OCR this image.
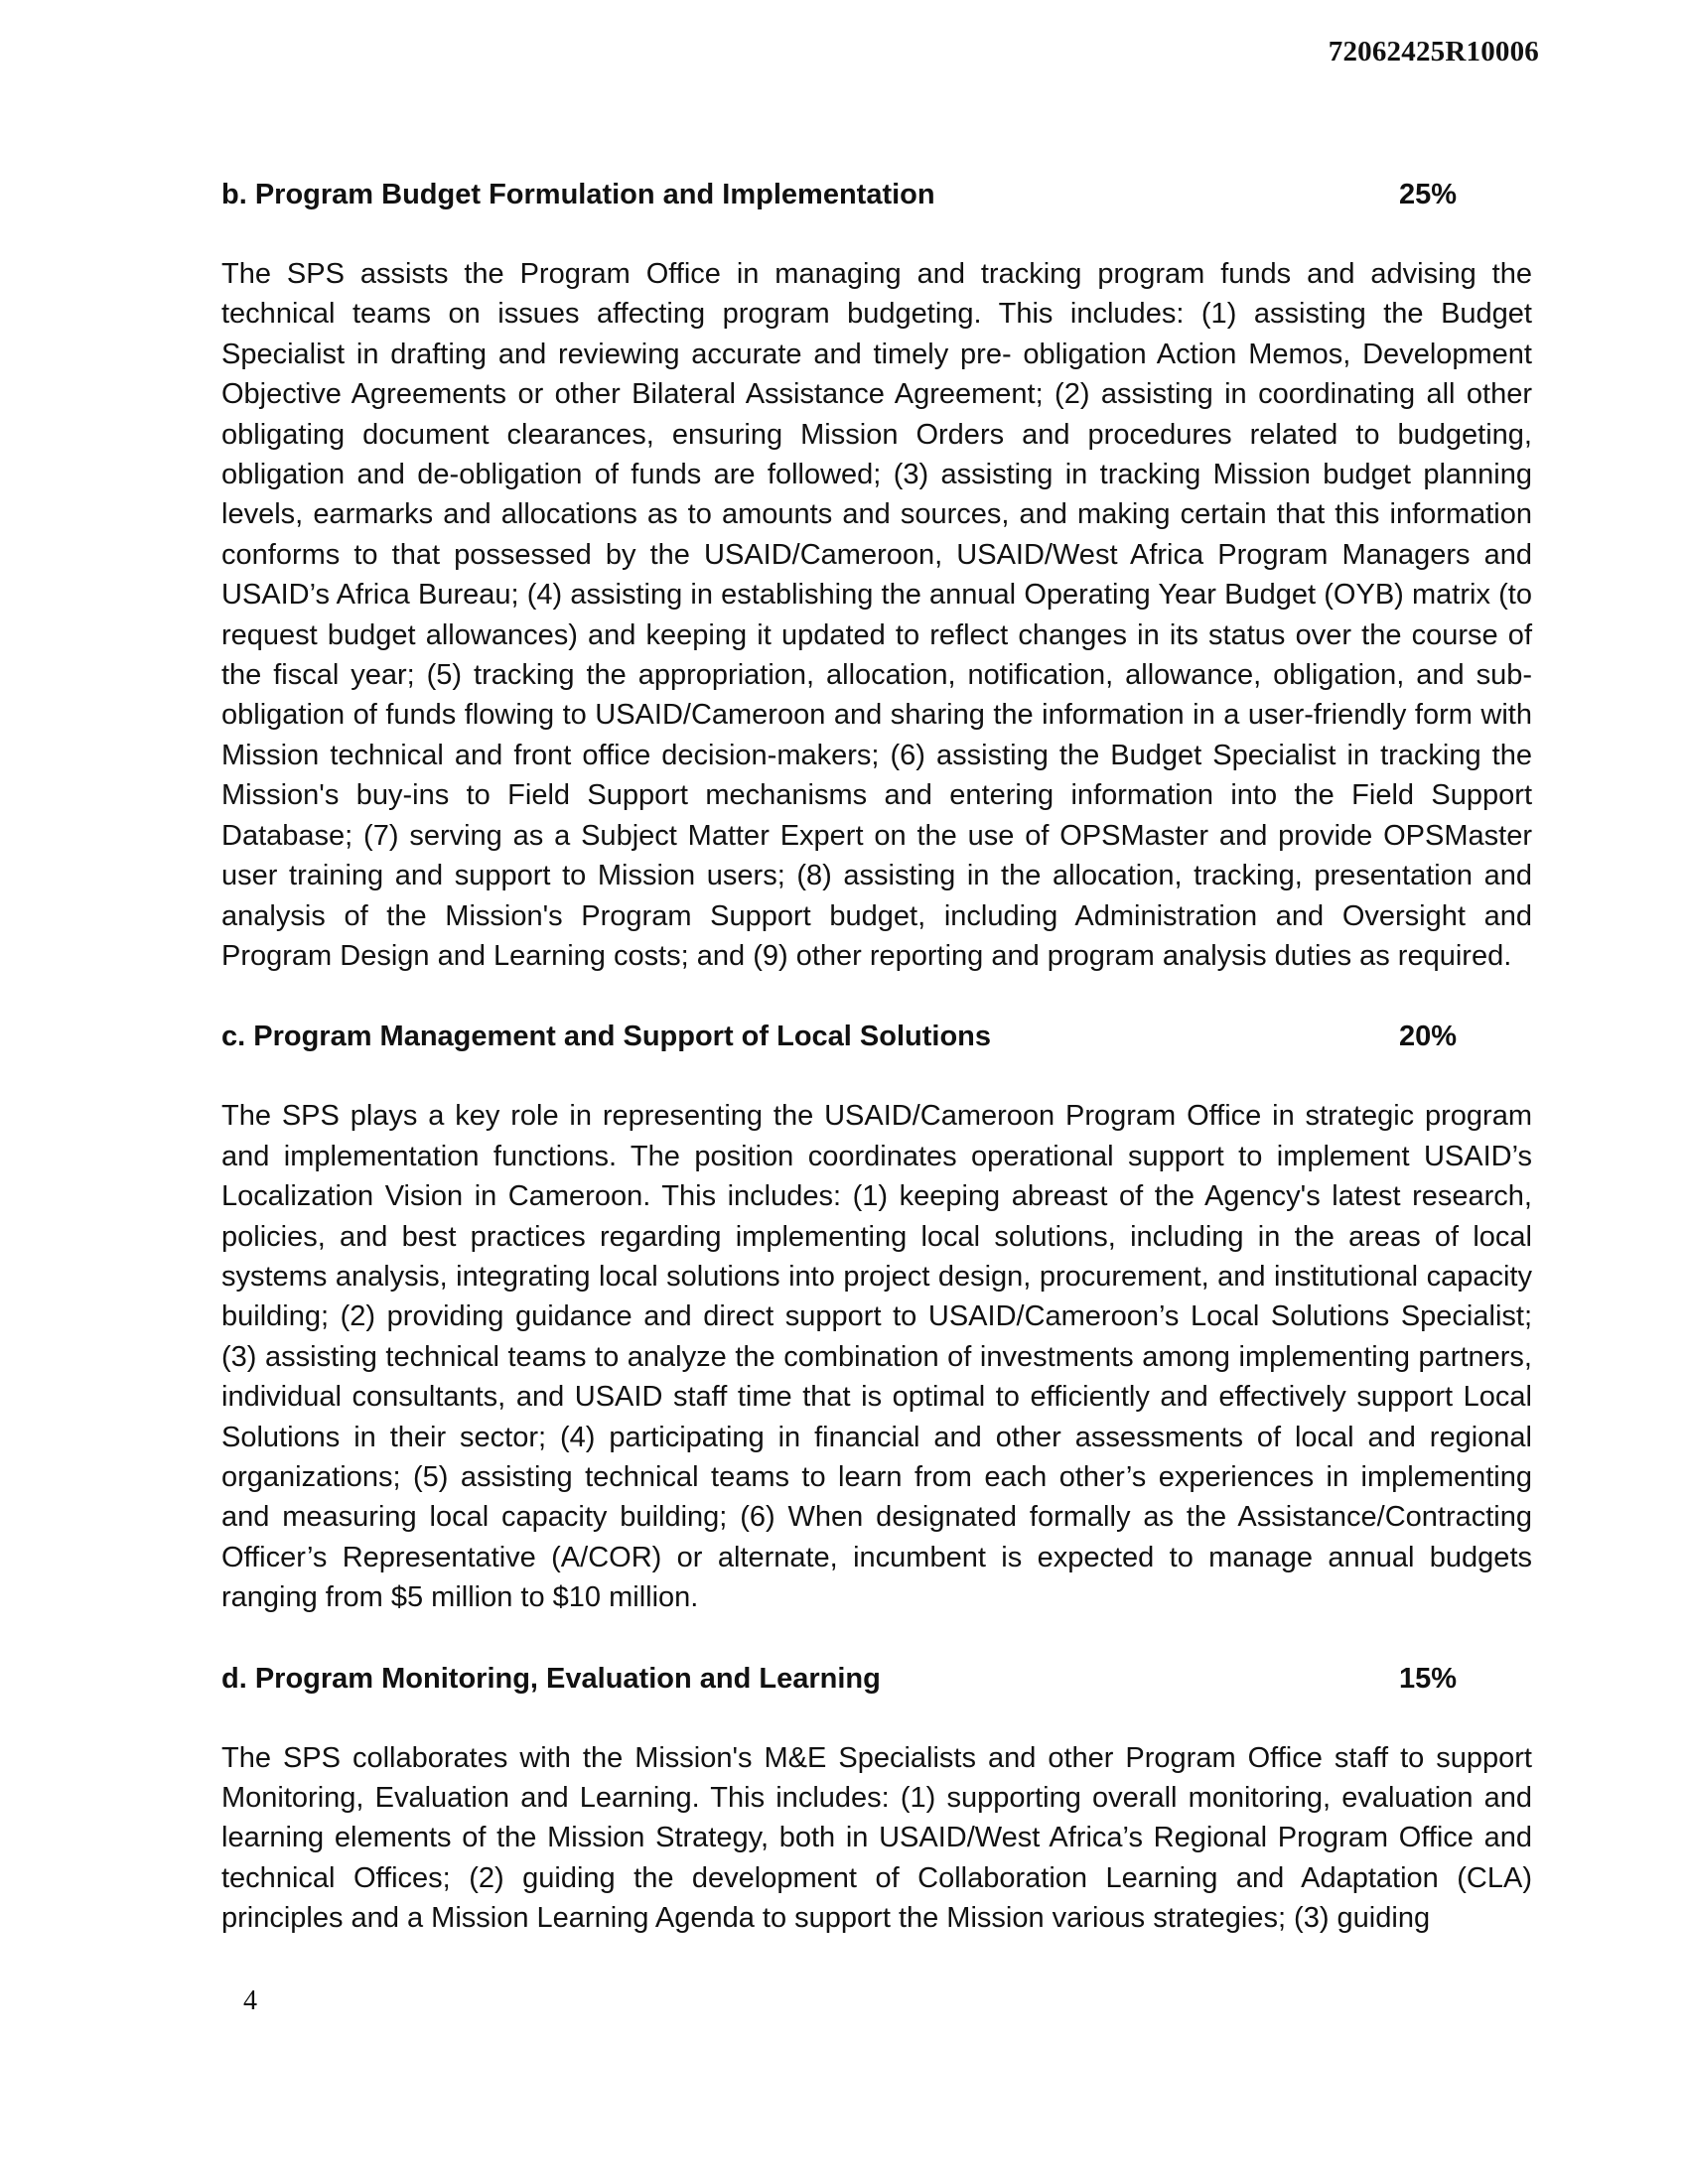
72062425R10006

b. Program Budget Formulation and Implementation	25%

The SPS assists the Program Office in managing and tracking program funds and advising the technical teams on issues affecting program budgeting. This includes: (1) assisting the Budget Specialist in drafting and reviewing accurate and timely pre- obligation Action Memos, Development Objective Agreements or other Bilateral Assistance Agreement; (2) assisting in coordinating all other obligating document clearances, ensuring Mission Orders and procedures related to budgeting, obligation and de-obligation of funds are followed; (3) assisting in tracking Mission budget planning levels, earmarks and allocations as to amounts and sources, and making certain that this information conforms to that possessed by the USAID/Cameroon, USAID/West Africa Program Managers and USAID’s Africa Bureau; (4) assisting in establishing the annual Operating Year Budget (OYB) matrix (to request budget allowances) and keeping it updated to reflect changes in its status over the course of the fiscal year; (5) tracking the appropriation, allocation, notification, allowance, obligation, and sub- obligation of funds flowing to USAID/Cameroon and sharing the information in a user-friendly form with Mission technical and front office decision-makers; (6) assisting the Budget Specialist in tracking the Mission's buy-ins to Field Support mechanisms and entering information into the Field Support Database; (7) serving as a Subject Matter Expert on the use of OPSMaster and provide OPSMaster user training and support to Mission users; (8) assisting in the allocation, tracking, presentation and analysis of the Mission's Program Support budget, including Administration and Oversight and Program Design and Learning costs; and (9) other reporting and program analysis duties as required.

c. Program Management and Support of Local Solutions	20%

The SPS plays a key role in representing the USAID/Cameroon Program Office in strategic program and implementation functions. The position coordinates operational support to implement USAID’s Localization Vision in Cameroon. This includes: (1) keeping abreast of the Agency's latest research, policies, and best practices regarding implementing local solutions, including in the areas of local systems analysis, integrating local solutions into project design, procurement, and institutional capacity building; (2) providing guidance and direct support to USAID/Cameroon’s Local Solutions Specialist; (3) assisting technical teams to analyze the combination of investments among implementing partners, individual consultants, and USAID staff time that is optimal to efficiently and effectively support Local Solutions in their sector; (4) participating in financial and other assessments of local and regional organizations; (5) assisting technical teams to learn from each other’s experiences in implementing and measuring local capacity building; (6) When designated formally as the Assistance/Contracting Officer’s Representative (A/COR) or alternate, incumbent is expected to manage annual budgets ranging from $5 million to $10 million.

d. Program Monitoring, Evaluation and Learning	15%

The SPS collaborates with the Mission's M&E Specialists and other Program Office staff to support Monitoring, Evaluation and Learning. This includes: (1) supporting overall monitoring, evaluation and learning elements of the Mission Strategy, both in USAID/West Africa’s Regional Program Office and technical Offices; (2) guiding the development of Collaboration Learning and Adaptation (CLA) principles and a Mission Learning Agenda to support the Mission various strategies; (3) guiding

4
